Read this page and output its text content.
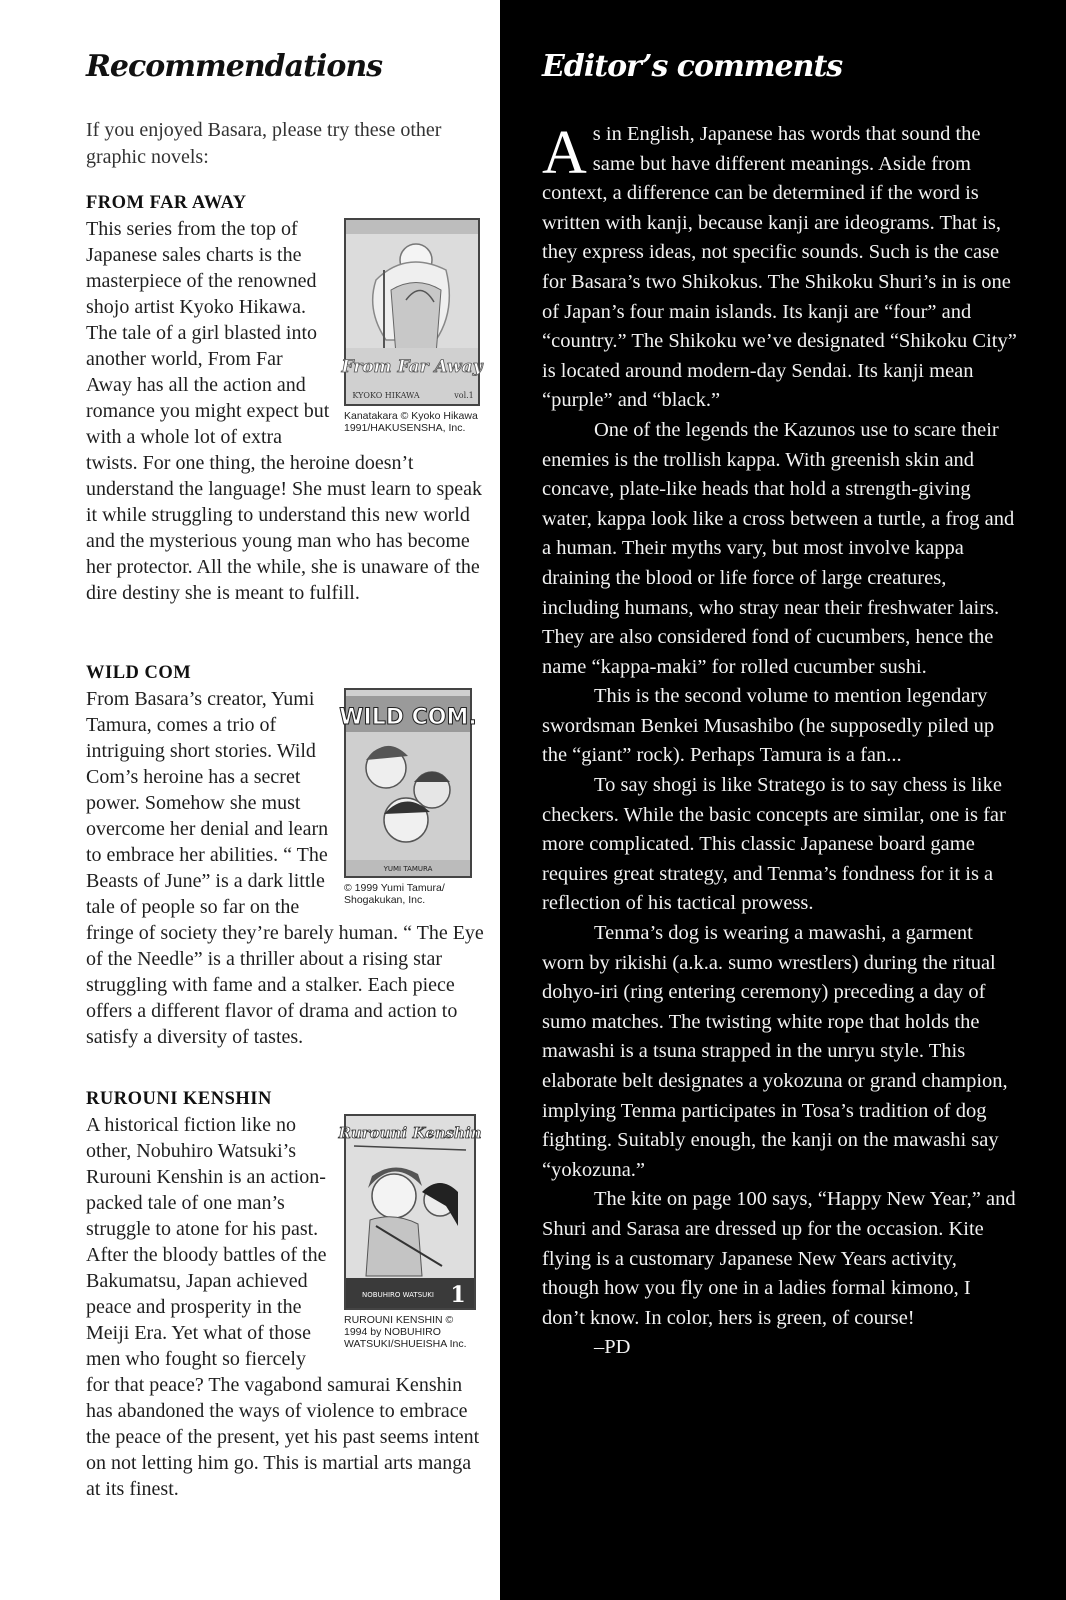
Recommendations

If you enjoyed Basara, please try these other graphic novels:

FROM FAR AWAY
From Far Away
KYOKO HIKAWA	vol.1
Kanatakara © Kyoko Hikawa
1991/HAKUSENSHA, Inc.

This series from the top of Japanese sales charts is the masterpiece of the renowned shojo artist Kyoko Hikawa. The tale of a girl blasted into another world, From Far Away has all the action and romance you might expect but with a whole lot of extra twists. For one thing, the heroine doesn’t understand the language! She must learn to speak it while struggling to understand this new world and the mysterious young man who has become her protector. All the while, she is unaware of the dire destiny she is meant to fulfill.

WILD COM
WILD COM.
YUMI TAMURA
© 1999 Yumi Tamura/
Shogakukan, Inc.

From Basara’s creator, Yumi Tamura, comes a trio of intriguing short stories. Wild Com’s heroine has a secret power. Somehow she must overcome her denial and learn to embrace her abilities. “ The Beasts of June” is a dark little tale of people so far on the fringe of society they’re barely human. “ The Eye of the Needle” is a thriller about a rising star struggling with fame and a stalker. Each piece offers a different flavor of drama and action to satisfy a diversity of tastes.

RUROUNI KENSHIN
Rurouni Kenshin
NOBUHIRO WATSUKI 1
RUROUNI KENSHIN ©
1994 by NOBUHIRO
WATSUKI/SHUEISHA Inc.

A historical fiction like no other, Nobuhiro Watsuki’s Rurouni Kenshin is an action-packed tale of one man’s struggle to atone for his past. After the bloody battles of the Bakumatsu, Japan achieved peace and prosperity in the Meiji Era. Yet what of those men who fought so fiercely for that peace? The vagabond samurai Kenshin has abandoned the ways of violence to embrace the peace of the present, yet his past seems intent on not letting him go. This is martial arts manga at its finest.

Editor’s comments

As in English, Japanese has words that sound the same but have different meanings. Aside from context, a difference can be determined if the word is written with kanji, because kanji are ideograms. That is, they express ideas, not specific sounds. Such is the case for Basara’s two Shikokus. The Shikoku Shuri’s in is one of Japan’s four main islands. Its kanji are “four” and “country.” The Shikoku we’ve designated “Shikoku City” is located around modern-day Sendai. Its kanji mean “purple” and “black.”

One of the legends the Kazunos use to scare their enemies is the trollish kappa. With greenish skin and concave, plate-like heads that hold a strength-giving water, kappa look like a cross between a turtle, a frog and a human. Their myths vary, but most involve kappa draining the blood or life force of large creatures, including humans, who stray near their freshwater lairs. They are also considered fond of cucumbers, hence the name “kappa-maki” for rolled cucumber sushi.

This is the second volume to mention legendary swordsman Benkei Musashibo (he supposedly piled up the “giant” rock). Perhaps Tamura is a fan...

To say shogi is like Stratego is to say chess is like checkers. While the basic concepts are similar, one is far more complicated. This classic Japanese board game requires great strategy, and Tenma’s fondness for it is a reflection of his tactical prowess.

Tenma’s dog is wearing a mawashi, a garment worn by rikishi (a.k.a. sumo wrestlers) during the ritual dohyo-iri (ring entering ceremony) preceding a day of sumo matches. The twisting white rope that holds the mawashi is a tsuna strapped in the unryu style. This elaborate belt designates a yokozuna or grand champion, implying Tenma participates in Tosa’s tradition of dog fighting. Suitably enough, the kanji on the mawashi say “yokozuna.”

The kite on page 100 says, “Happy New Year,” and Shuri and Sarasa are dressed up for the occasion. Kite flying is a customary Japanese New Years activity, though how you fly one in a ladies formal kimono, I don’t know. In color, hers is green, of course!

–PD
